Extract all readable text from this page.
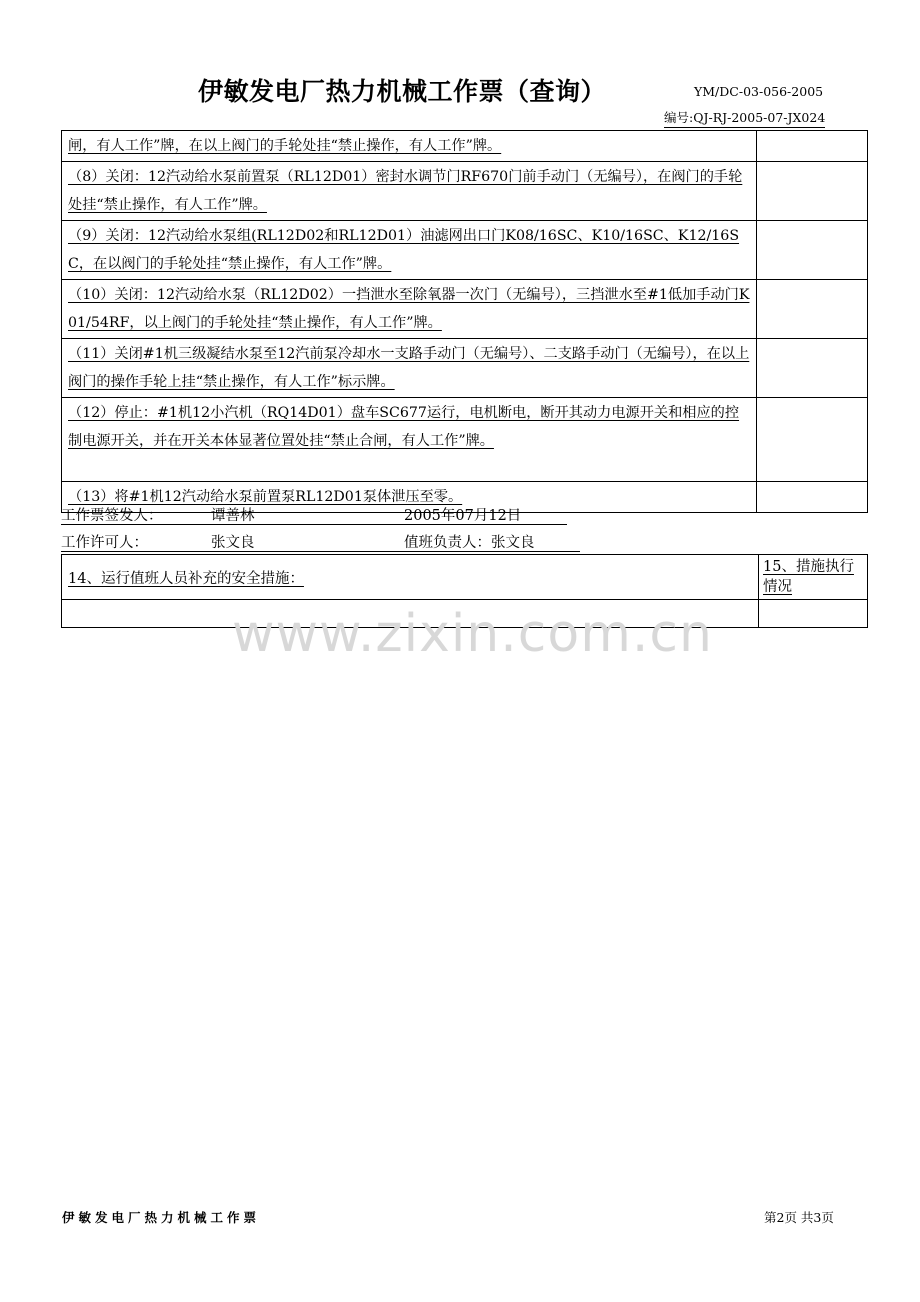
伊敏发电厂热力机械工作票（查询）	YM/DC-03-056-2005
编号:QJ-RJ-2005-07-JX024
闸，有人工作”牌，在以上阀门的手轮处挂“禁止操作，有人工作”牌。	
（8）关闭：12汽动给水泵前置泵（RL12D01）密封水调节门RF670门前手动门（无编号），在阀门的手轮处挂“禁止操作，有人工作”牌。	
（9）关闭：12汽动给水泵组(RL12D02和RL12D01）油滤网出口门K08/16SC、K10/16SC、K12/16SC，在以阀门的手轮处挂“禁止操作，有人工作”牌。	
（10）关闭：12汽动给水泵（RL12D02）一挡泄水至除氧器一次门（无编号），三挡泄水至#1低加手动门K01/54RF，以上阀门的手轮处挂“禁止操作，有人工作”牌。	
（11）关闭#1机三级凝结水泵至12汽前泵冷却水一支路手动门（无编号）、二支路手动门（无编号），在以上阀门的操作手轮上挂“禁止操作，有人工作”标示牌。	
（12）停止：#1机12小汽机（RQ14D01）盘车SC677运行，电机断电，断开其动力电源开关和相应的控制电源开关，并在开关本体显著位置处挂“禁止合闸，有人工作”牌。	
（13）将#1机12汽动给水泵前置泵RL12D01泵体泄压至零。	
工作票签发人：	谭善林	2005年07月12日
工作许可人：	张文良	值班负责人：张文良
14、运行值班人员补充的安全措施：	15、措施执行情况

www.zixin.com.cn
伊敏发电厂热力机械工作票	第2页 共3页
